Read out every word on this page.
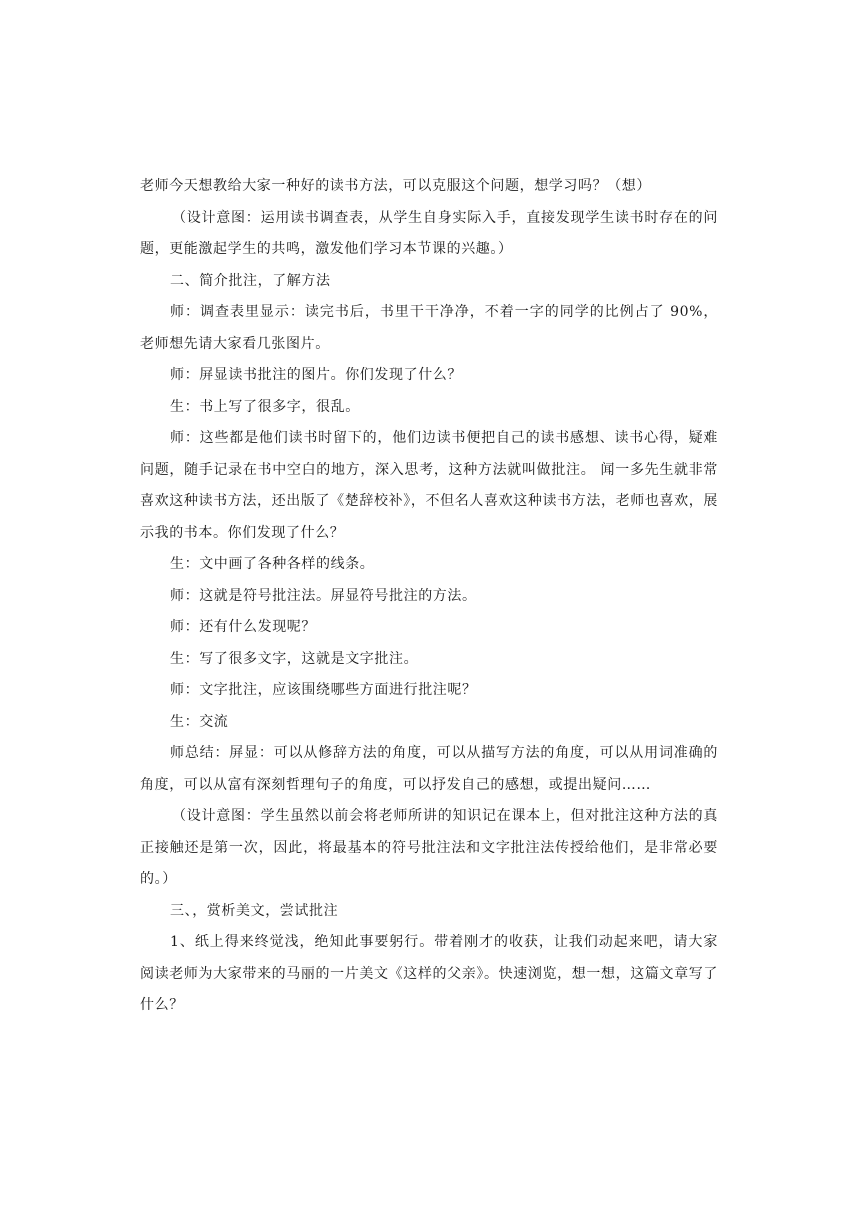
老师今天想教给大家一种好的读书方法，可以克服这个问题，想学习吗？（想）

（设计意图：运用读书调查表，从学生自身实际入手，直接发现学生读书时存在的问题，更能激起学生的共鸣，激发他们学习本节课的兴趣。）

二、简介批注，了解方法

师：调查表里显示：读完书后，书里干干净净，不着一字的同学的比例占了 90%，老师想先请大家看几张图片。

师：屏显读书批注的图片。你们发现了什么？

生：书上写了很多字，很乱。

师：这些都是他们读书时留下的，他们边读书便把自己的读书感想、读书心得，疑难问题，随手记录在书中空白的地方，深入思考，这种方法就叫做批注。 闻一多先生就非常喜欢这种读书方法，还出版了《楚辞校补》，不但名人喜欢这种读书方法，老师也喜欢，展示我的书本。你们发现了什么？

生：文中画了各种各样的线条。

师：这就是符号批注法。屏显符号批注的方法。

师：还有什么发现呢？

生：写了很多文字，这就是文字批注。

师：文字批注，应该围绕哪些方面进行批注呢？

生：交流

师总结：屏显：可以从修辞方法的角度，可以从描写方法的角度，可以从用词准确的角度，可以从富有深刻哲理句子的角度，可以抒发自己的感想，或提出疑问……

（设计意图：学生虽然以前会将老师所讲的知识记在课本上，但对批注这种方法的真正接触还是第一次，因此，将最基本的符号批注法和文字批注法传授给他们，是非常必要的。）

三、，赏析美文，尝试批注

1、纸上得来终觉浅，绝知此事要躬行。带着刚才的收获，让我们动起来吧，请大家阅读老师为大家带来的马丽的一片美文《这样的父亲》。快速浏览，想一想，这篇文章写了什么？
